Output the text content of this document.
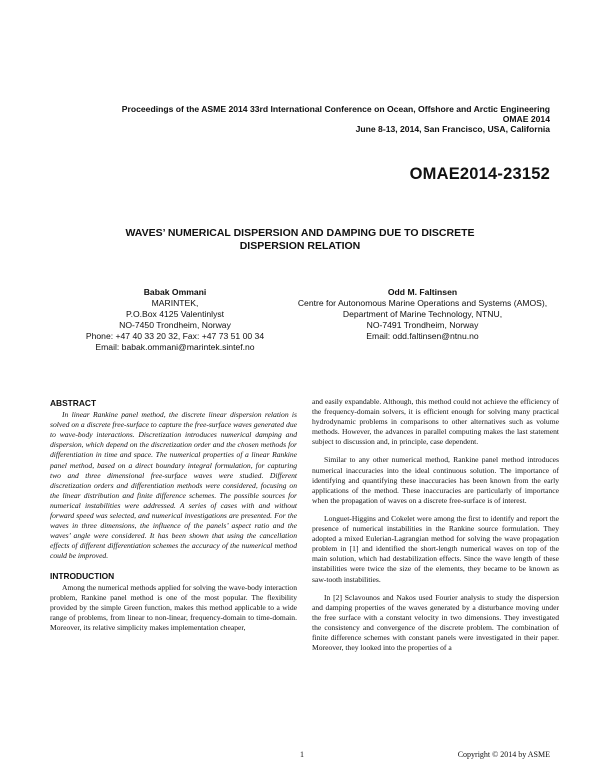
Proceedings of the ASME 2014 33rd International Conference on Ocean, Offshore and Arctic Engineering
OMAE 2014
June 8-13, 2014, San Francisco, USA, California
OMAE2014-23152
WAVES’ NUMERICAL DISPERSION AND DAMPING DUE TO DISCRETE
DISPERSION RELATION
Babak Ommani
MARINTEK,
P.O.Box 4125 Valentinlyst
NO-7450 Trondheim, Norway
Phone: +47 40 33 20 32, Fax: +47 73 51 00 34
Email: babak.ommani@marintek.sintef.no
Odd M. Faltinsen
Centre for Autonomous Marine Operations and Systems (AMOS),
Department of Marine Technology, NTNU,
NO-7491 Trondheim, Norway
Email: odd.faltinsen@ntnu.no
ABSTRACT

In linear Rankine panel method, the discrete linear dispersion relation is solved on a discrete free-surface to capture the free-surface waves generated due to wave-body interactions. Discretization introduces numerical damping and dispersion, which depend on the discretization order and the chosen methods for differentiation in time and space. The numerical properties of a linear Rankine panel method, based on a direct boundary integral formulation, for capturing two and three dimensional free-surface waves were studied. Different discretization orders and differentiation methods were considered, focusing on the linear distribution and finite difference schemes. The possible sources for numerical instabilities were addressed. A series of cases with and without forward speed was selected, and numerical investigations are presented. For the waves in three dimensions, the influence of the panels’ aspect ratio and the waves’ angle were considered. It has been shown that using the cancellation effects of different differentiation schemes the accuracy of the numerical method could be improved.

INTRODUCTION

Among the numerical methods applied for solving the wave-body interaction problem, Rankine panel method is one of the most popular. The flexibility provided by the simple Green function, makes this method applicable to a wide range of problems, from linear to non-linear, frequency-domain to time-domain. Moreover, its relative simplicity makes implementation cheaper,

and easily expandable. Although, this method could not achieve the efficiency of the frequency-domain solvers, it is efficient enough for solving many practical hydrodynamic problems in comparisons to other alternatives such as volume methods. However, the advances in parallel computing makes the last statement subject to discussion and, in principle, case dependent.

Similar to any other numerical method, Rankine panel method introduces numerical inaccuracies into the ideal continuous solution. The importance of identifying and quantifying these inaccuracies has been known from the early applications of the method. These inaccuracies are particularly of importance when the propagation of waves on a discrete free-surface is of interest.

Longuet-Higgins and Cokelet were among the first to identify and report the presence of numerical instabilities in the Rankine source formulation. They adopted a mixed Eulerian-Lagrangian method for solving the wave propagation problem in [1] and identified the short-length numerical waves on top of the main solution, which had destabilization effects. Since the wave length of these instabilities were twice the size of the elements, they became to be known as saw-tooth instabilities.

In [2] Sclavounos and Nakos used Fourier analysis to study the dispersion and damping properties of the waves generated by a disturbance moving under the free surface with a constant velocity in two dimensions. They investigated the consistency and convergence of the discrete problem. The combination of finite difference schemes with constant panels were investigated in their paper. Moreover, they looked into the properties of a

1	Copyright © 2014 by ASME
